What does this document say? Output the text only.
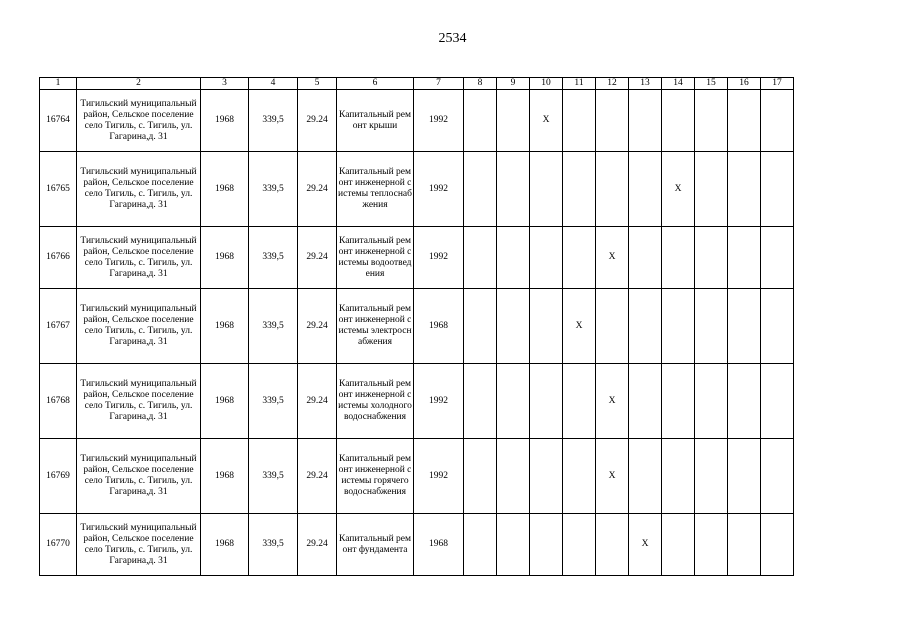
2534
1	2	3	4	5	6	7	8	9	10	11	12	13	14	15	16	17
16764	Тигильский муниципальный район, Сельское поселение село Тигиль, с. Тигиль, ул. Гагарина,д. 31	1968	339,5	29.24	Капитальный ремонт крыши	1992			X							
16765	Тигильский муниципальный район, Сельское поселение село Тигиль, с. Тигиль, ул. Гагарина,д. 31	1968	339,5	29.24	Капитальный ремонт инженерной системы теплоснабжения	1992							X			
16766	Тигильский муниципальный район, Сельское поселение село Тигиль, с. Тигиль, ул. Гагарина,д. 31	1968	339,5	29.24	Капитальный ремонт инженерной системы водоотведения	1992					X					
16767	Тигильский муниципальный район, Сельское поселение село Тигиль, с. Тигиль, ул. Гагарина,д. 31	1968	339,5	29.24	Капитальный ремонт инженерной системы электроснабжения	1968				X						
16768	Тигильский муниципальный район, Сельское поселение село Тигиль, с. Тигиль, ул. Гагарина,д. 31	1968	339,5	29.24	Капитальный ремонт инженерной системы холодного водоснабжения	1992					X					
16769	Тигильский муниципальный район, Сельское поселение село Тигиль, с. Тигиль, ул. Гагарина,д. 31	1968	339,5	29.24	Капитальный ремонт инженерной системы горячего водоснабжения	1992					X					
16770	Тигильский муниципальный район, Сельское поселение село Тигиль, с. Тигиль, ул. Гагарина,д. 31	1968	339,5	29.24	Капитальный ремонт фундамента	1968						X				
